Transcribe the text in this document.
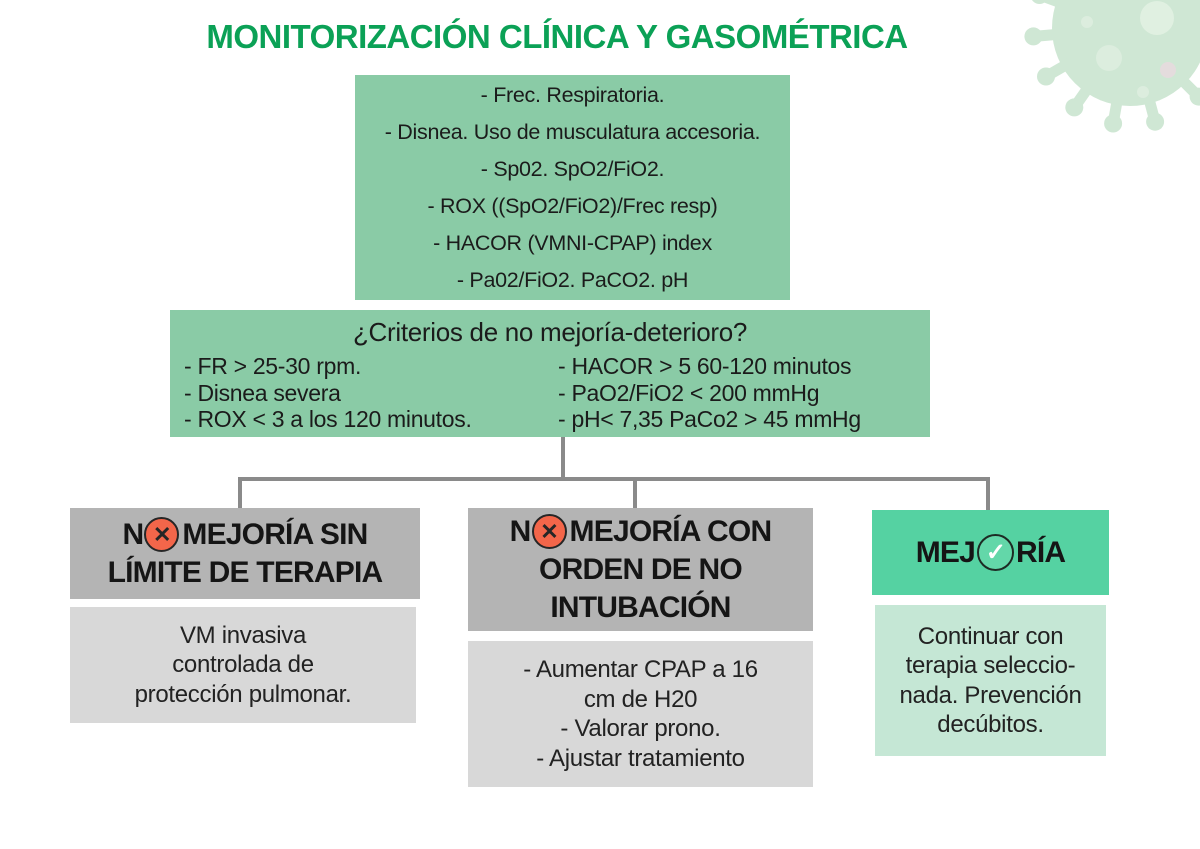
MONITORIZACIÓN CLÍNICA Y GASOMÉTRICA
- Frec. Respiratoria.
- Disnea. Uso de musculatura accesoria.
- Sp02. SpO2/FiO2.
- ROX ((SpO2/FiO2)/Frec resp)
- HACOR (VMNI-CPAP) index
- Pa02/FiO2. PaCO2. pH
¿Criterios de no mejoría-deterioro?
- FR > 25-30 rpm.
- Disnea severa
- ROX < 3 a los 120 minutos.
- HACOR > 5 60-120 minutos
- PaO2/FiO2 < 200 mmHg
- pH< 7,35 PaCo2 > 45 mmHg
N ✕ MEJORÍA SIN
LÍMITE DE TERAPIA
VM invasiva
controlada de
protección pulmonar.
N ✕ MEJORÍA CON
ORDEN DE NO
INTUBACIÓN
- Aumentar CPAP a 16
cm de H20
- Valorar prono.
- Ajustar tratamiento
MEJ ✓ RÍA
Continuar con
terapia seleccio-
nada. Prevención
decúbitos.
